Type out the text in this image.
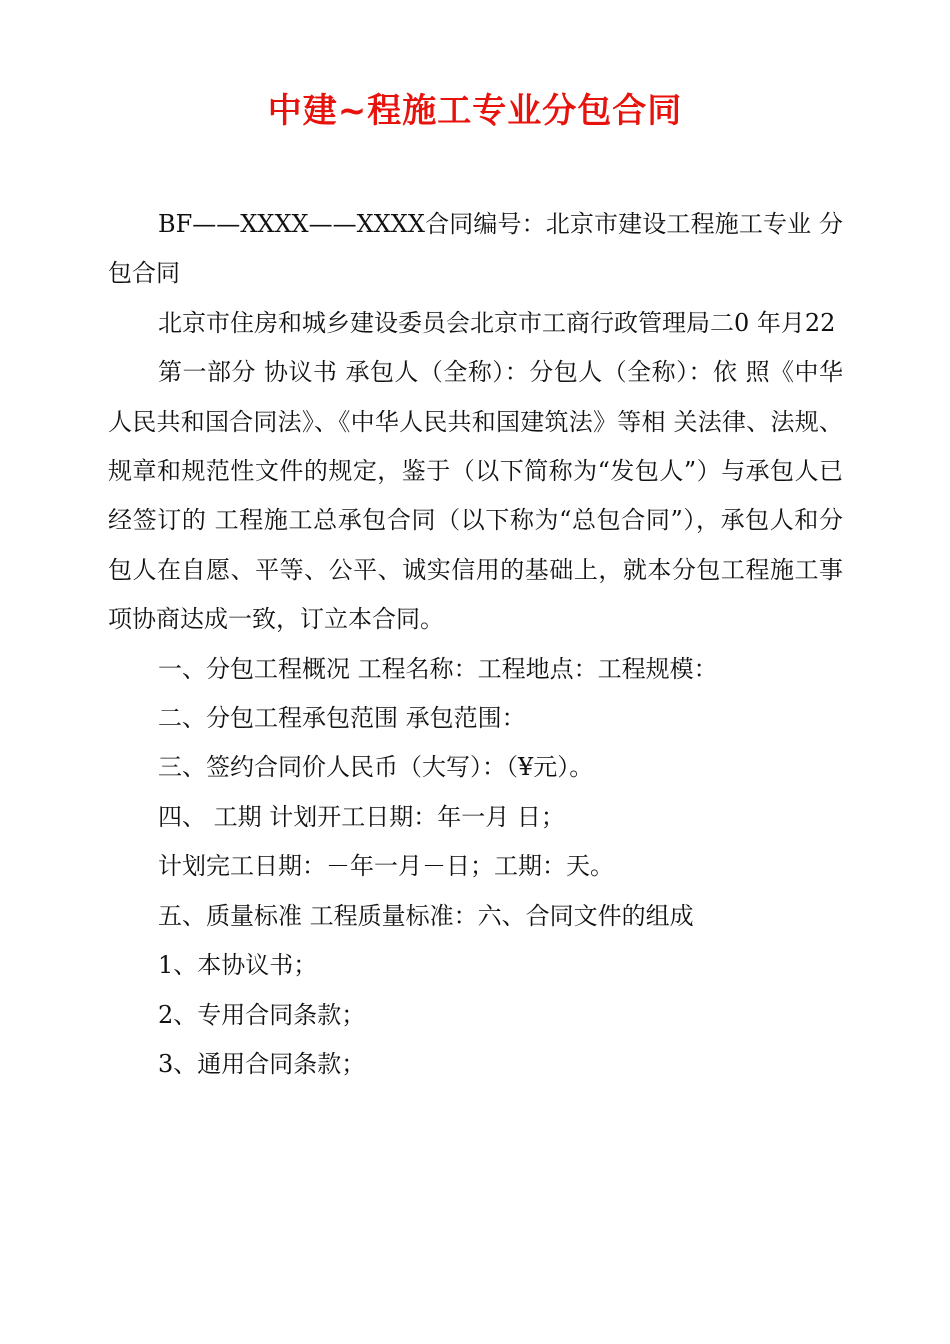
中建~程施工专业分包合同

BF——XXXX——XXXX合同编号：北京市建设工程施工专业 分包合同

北京市住房和城乡建设委员会北京市工商行政管理局二0 年月22

第一部分 协议书 承包人（全称）：分包人（全称）：依 照《中华人民共和国合同法》、《中华人民共和国建筑法》等相 关法律、法规、规章和规范性文件的规定，鉴于（以下简称为“发包人”）与承包人已经签订的 工程施工总承包合同（以下称为“总包合同”），承包人和分包人在自愿、平等、公平、诚实信用的基础上，就本分包工程施工事项协商达成一致，订立本合同。

一、分包工程概况 工程名称：工程地点：工程规模：

二、分包工程承包范围 承包范围：

三、签约合同价人民币（大写）：（¥元）。

四、 工期 计划开工日期：年一月 日；

计划完工日期：－年一月－日；工期：天。

五、质量标准 工程质量标准：六、合同文件的组成

1、本协议书；

2、专用合同条款；

3、通用合同条款；
